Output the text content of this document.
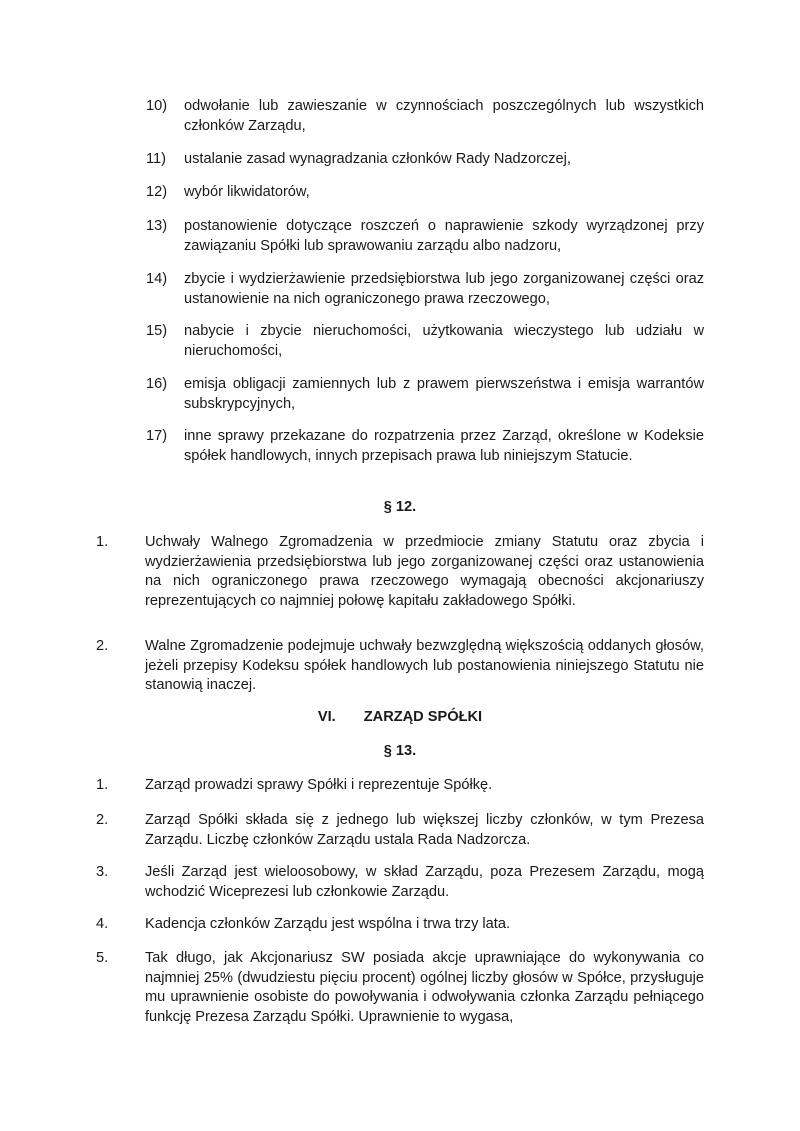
10)	odwołanie lub zawieszanie w czynnościach poszczególnych lub wszystkich członków Zarządu,
11)	ustalanie zasad wynagradzania członków Rady Nadzorczej,
12)	wybór likwidatorów,
13)	postanowienie dotyczące roszczeń o naprawienie szkody wyrządzonej przy zawiązaniu Spółki lub sprawowaniu zarządu albo nadzoru,
14)	zbycie i wydzierżawienie przedsiębiorstwa lub jego zorganizowanej części oraz ustanowienie na nich ograniczonego prawa rzeczowego,
15)	nabycie i zbycie nieruchomości, użytkowania wieczystego lub udziału w nieruchomości,
16)	emisja obligacji zamiennych lub z prawem pierwszeństwa i emisja warrantów subskrypcyjnych,
17)	inne sprawy przekazane do rozpatrzenia przez Zarząd, określone w Kodeksie spółek handlowych, innych przepisach prawa lub niniejszym Statucie.
§ 12.
1.	Uchwały Walnego Zgromadzenia w przedmiocie zmiany Statutu oraz zbycia i wydzierżawienia przedsiębiorstwa lub jego zorganizowanej części oraz ustanowienia na nich ograniczonego prawa rzeczowego wymagają obecności akcjonariuszy reprezentujących co najmniej połowę kapitału zakładowego Spółki.
2.	Walne Zgromadzenie podejmuje uchwały bezwzględną większością oddanych głosów, jeżeli przepisy Kodeksu spółek handlowych lub postanowienia niniejszego Statutu nie stanowią inaczej.
VI. ZARZĄD SPÓŁKI
§ 13.
1.	Zarząd prowadzi sprawy Spółki i reprezentuje Spółkę.
2.	Zarząd Spółki składa się z jednego lub większej liczby członków, w tym Prezesa Zarządu. Liczbę członków Zarządu ustala Rada Nadzorcza.
3.	Jeśli Zarząd jest wieloosobowy, w skład Zarządu, poza Prezesem Zarządu, mogą wchodzić Wiceprezesi lub członkowie Zarządu.
4.	Kadencja członków Zarządu jest wspólna i trwa trzy lata.
5.	Tak długo, jak Akcjonariusz SW posiada akcje uprawniające do wykonywania co najmniej 25% (dwudziestu pięciu procent) ogólnej liczby głosów w Spółce, przysługuje mu uprawnienie osobiste do powoływania i odwoływania członka Zarządu pełniącego funkcję Prezesa Zarządu Spółki. Uprawnienie to wygasa,
